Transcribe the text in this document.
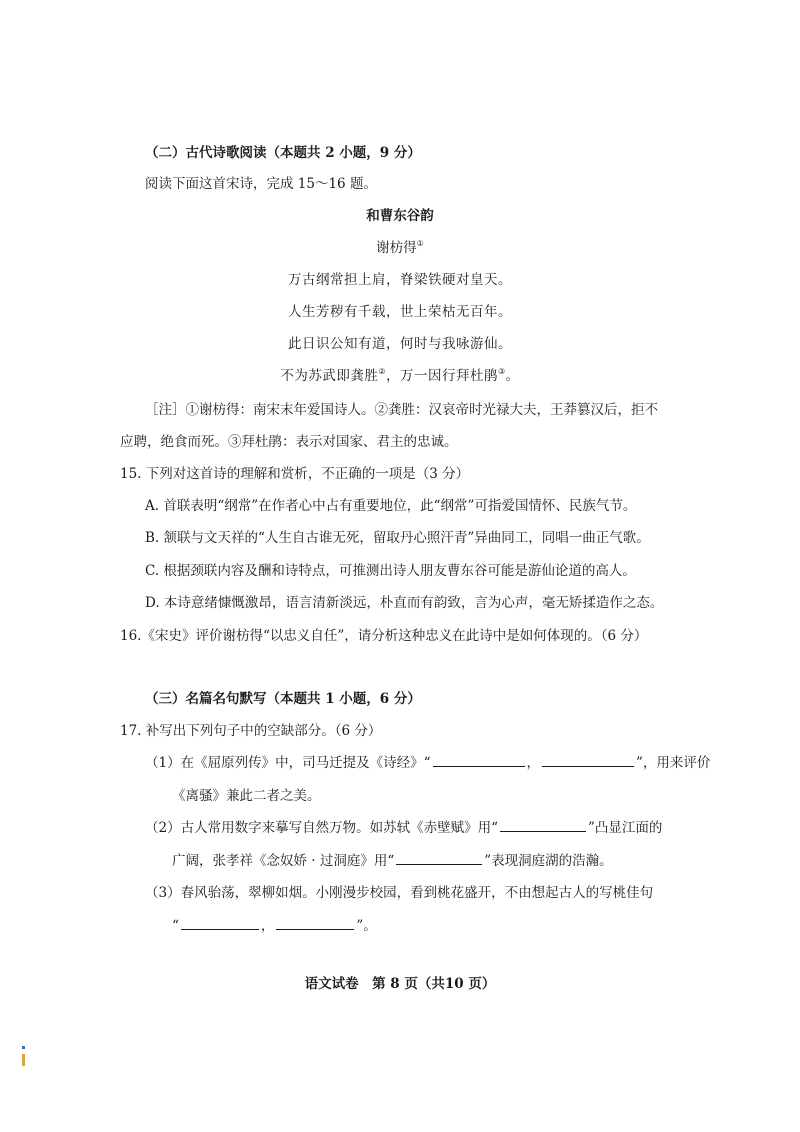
（二）古代诗歌阅读（本题共 2 小题，9 分）
阅读下面这首宋诗，完成 15～16 题。
和曹东谷韵
谢枋得①
万古纲常担上肩，脊梁铁硬对皇天。
人生芳秽有千载，世上荣枯无百年。
此日识公知有道，何时与我咏游仙。
不为苏武即龚胜②，万一因行拜杜鹃③。
［注］①谢枋得：南宋末年爱国诗人。②龚胜：汉哀帝时光禄大夫，王莽篡汉后，拒不
应聘，绝食而死。③拜杜鹃：表示对国家、君主的忠诚。
15. 下列对这首诗的理解和赏析，不正确的一项是（3 分）
A. 首联表明“纲常”在作者心中占有重要地位，此“纲常”可指爱国情怀、民族气节。
B. 颔联与文天祥的“人生自古谁无死，留取丹心照汗青”异曲同工，同唱一曲正气歌。
C. 根据颈联内容及酬和诗特点，可推测出诗人朋友曹东谷可能是游仙论道的高人。
D. 本诗意绪慷慨激昂，语言清新淡远，朴直而有韵致，言为心声，毫无矫揉造作之态。
16.《宋史》评价谢枋得“以忠义自任”，请分析这种忠义在此诗中是如何体现的。（6 分）
（三）名篇名句默写（本题共 1 小题，6 分）
17. 补写出下列句子中的空缺部分。（6 分）
（1）在《屈原列传》中，司马迁提及《诗经》“	，	”，用来评价
《离骚》兼此二者之美。
（2）古人常用数字来摹写自然万物。如苏轼《赤壁赋》用“	”凸显江面的
广阔，张孝祥《念奴娇 · 过洞庭》用“	”表现洞庭湖的浩瀚。
（3）春风骀荡，翠柳如烟。小刚漫步校园，看到桃花盛开，不由想起古人的写桃佳句
“	，	”。
语文试卷　第 8 页（共10 页）
